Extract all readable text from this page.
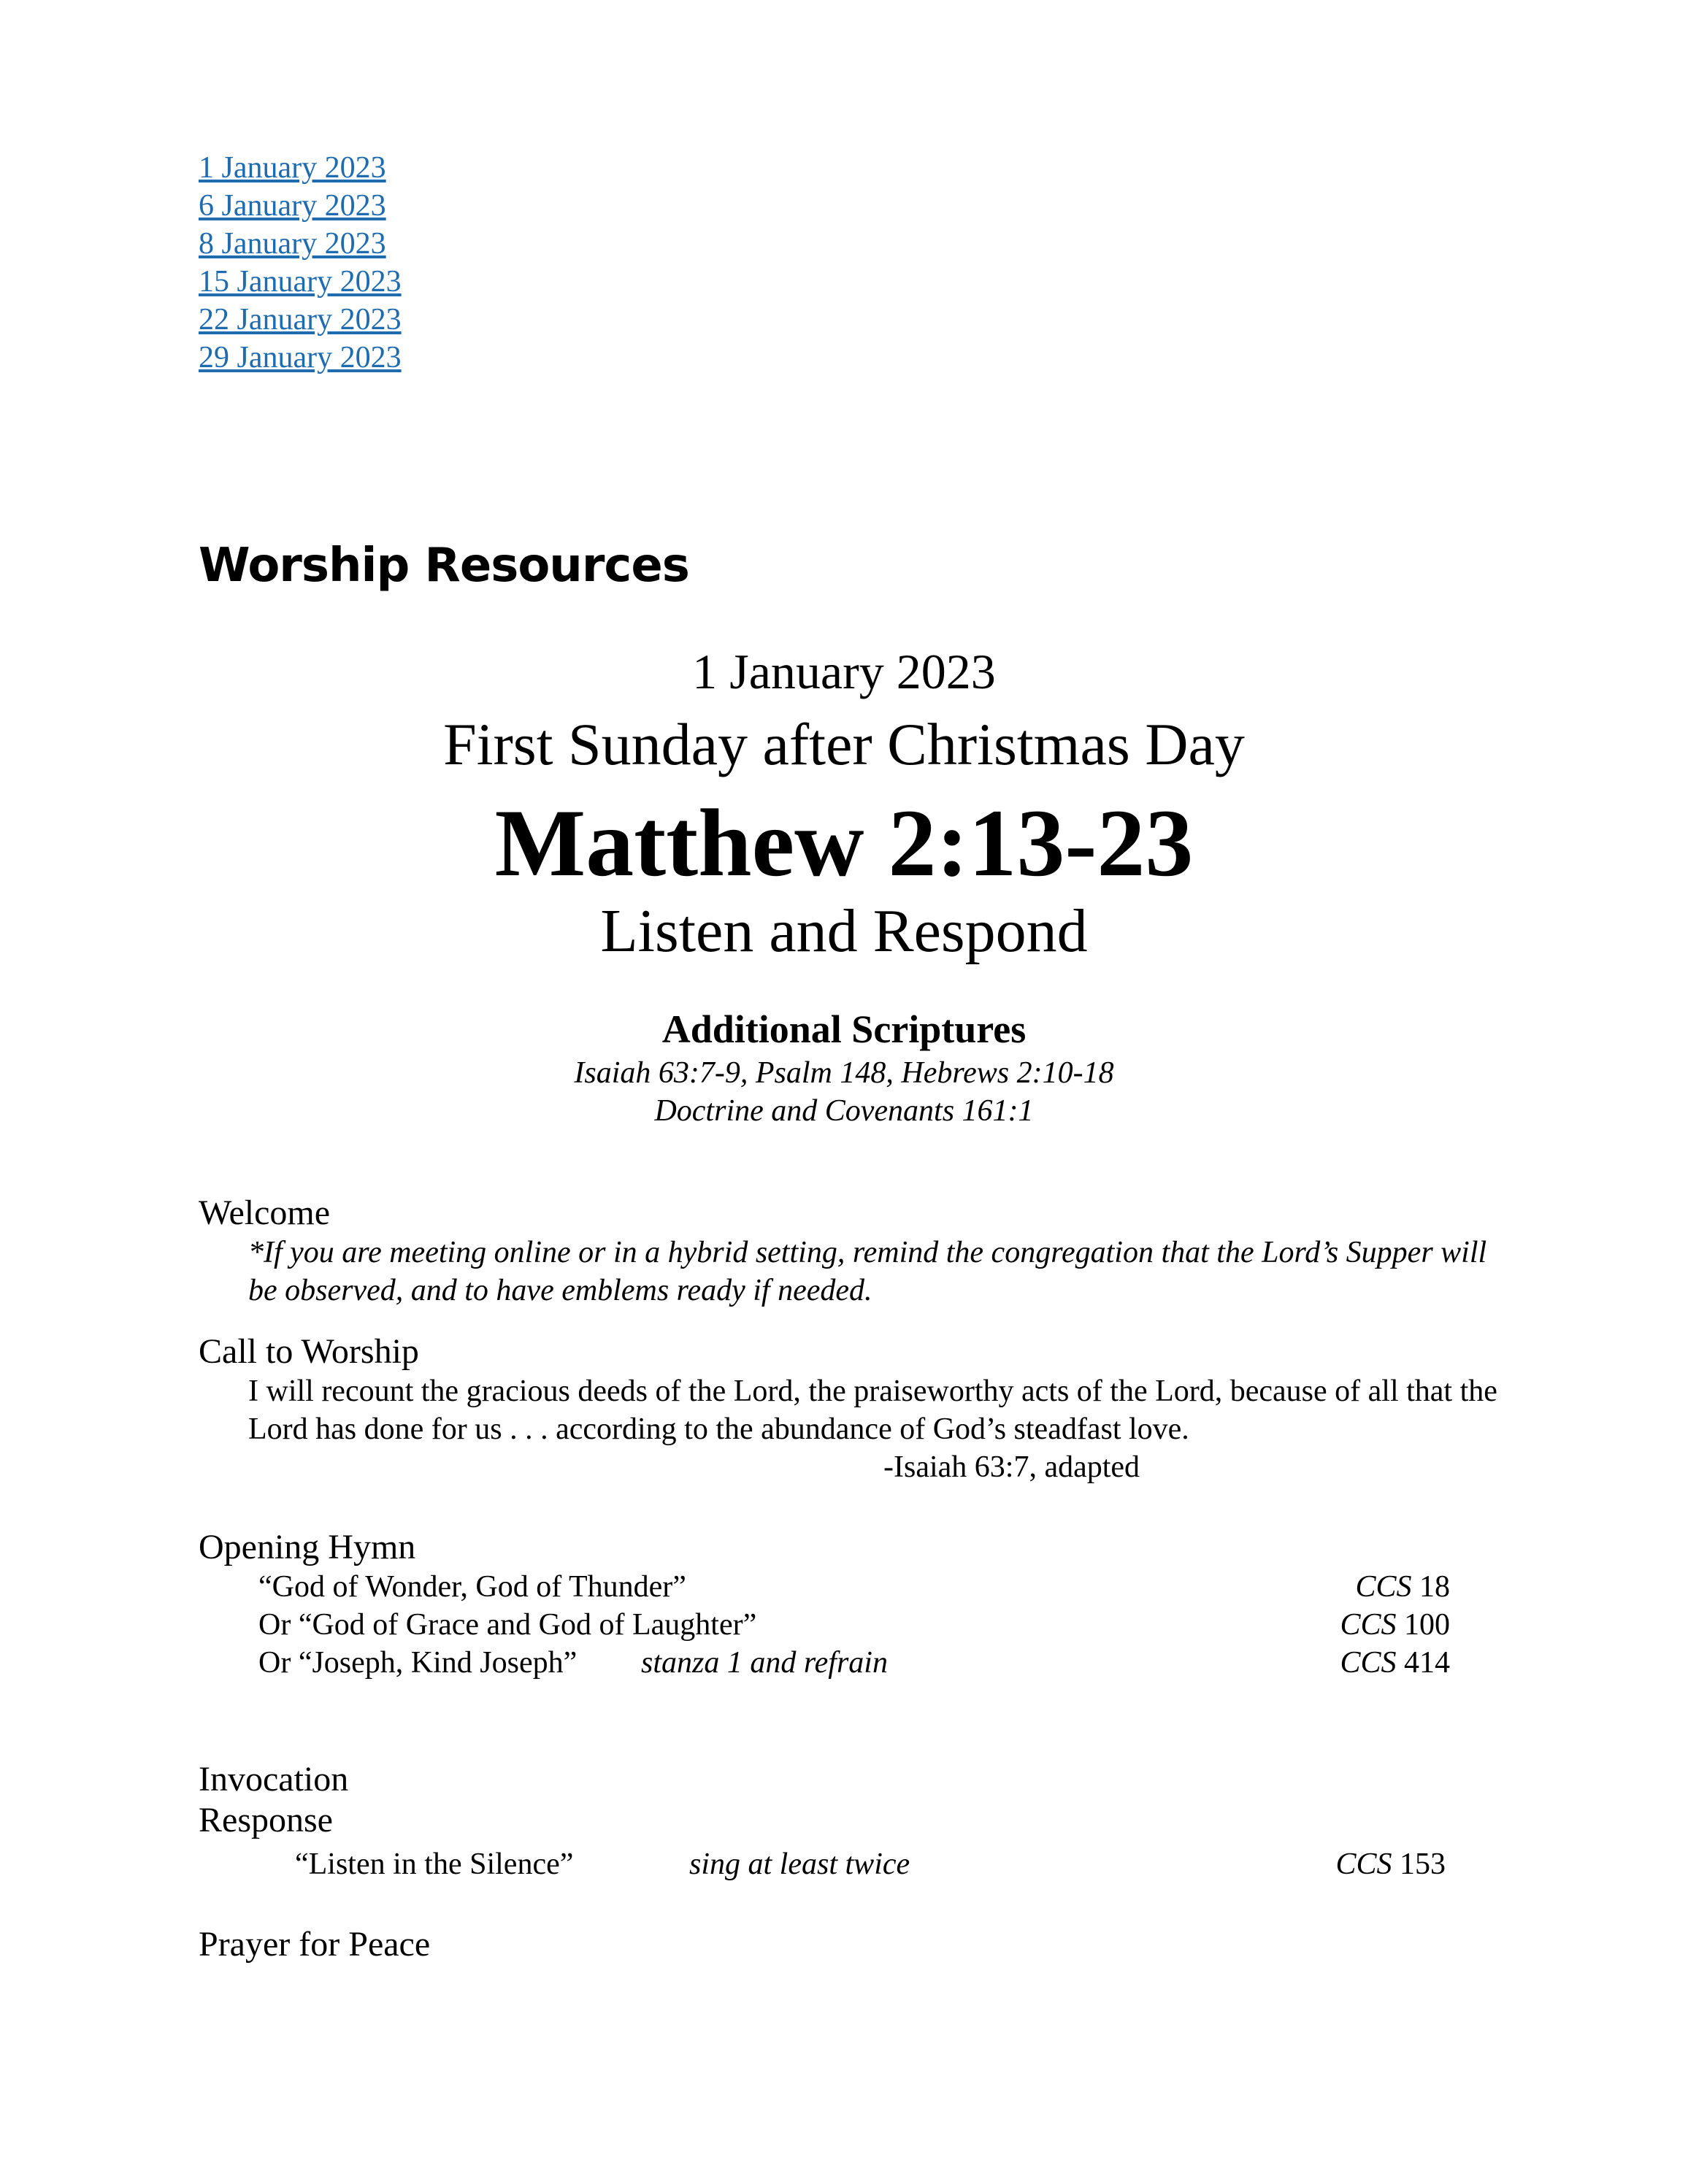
1 January 2023
6 January 2023
8 January 2023
15 January 2023
22 January 2023
29 January 2023
Worship Resources
1 January 2023
First Sunday after Christmas Day
Matthew 2:13-23
Listen and Respond
Additional Scriptures
Isaiah 63:7-9, Psalm 148, Hebrews 2:10-18
Doctrine and Covenants 161:1
Welcome
*If you are meeting online or in a hybrid setting, remind the congregation that the Lord’s Supper will be observed, and to have emblems ready if needed.
Call to Worship
I will recount the gracious deeds of the Lord, the praiseworthy acts of the Lord, because of all that the Lord has done for us . . . according to the abundance of God’s steadfast love.
-Isaiah 63:7, adapted
Opening Hymn
“God of Wonder, God of Thunder”	CCS 18
Or “God of Grace and God of Laughter”	CCS 100
Or “Joseph, Kind Joseph” stanza 1 and refrain	CCS 414
Invocation
Response
“Listen in the Silence”	sing at least twice	CCS 153
Prayer for Peace
